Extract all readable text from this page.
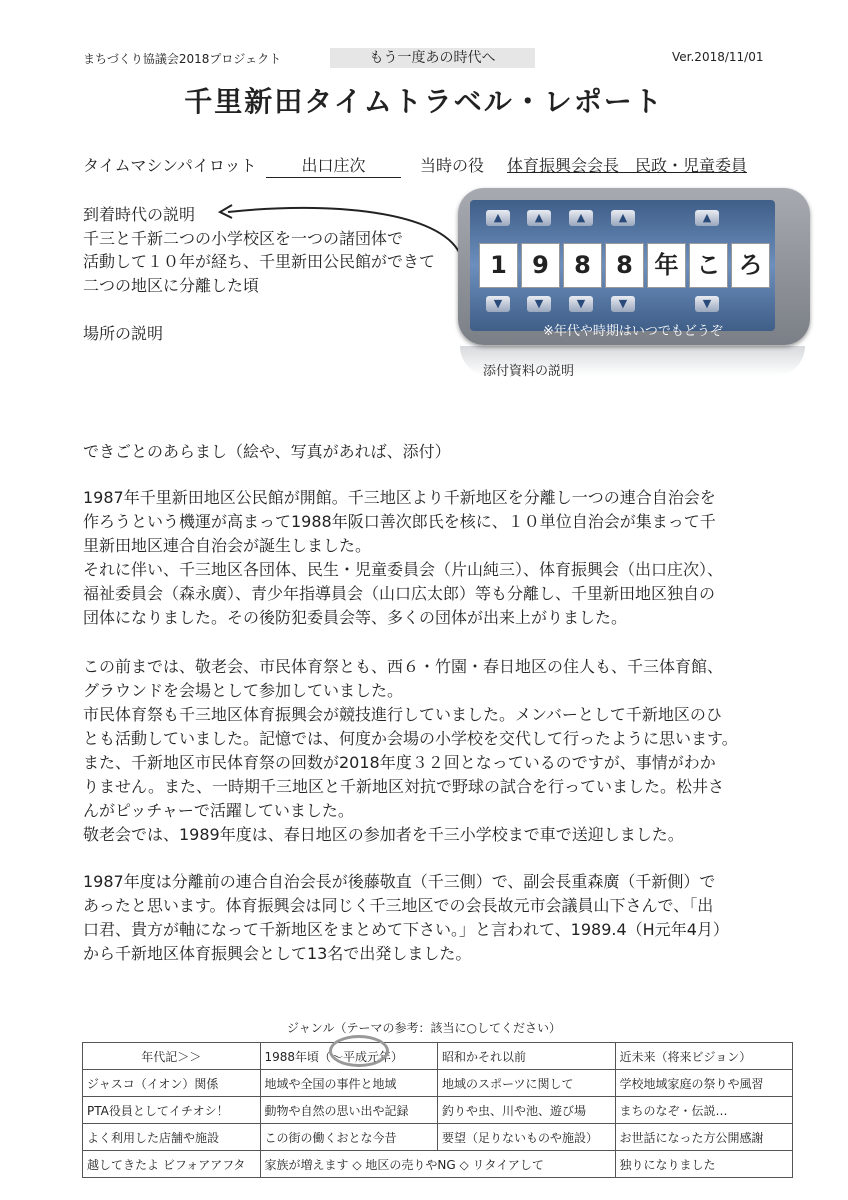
まちづくり協議会2018プロジェクト	もう一度あの時代へ	Ver.2018/11/01
千里新田タイムトラベル・レポート
タイムマシンパイロット	出口庄次	当時の役 体育振興会会長　民政・児童委員
到着時代の説明
千三と千新二つの小学校区を一つの諸団体で
活動して１０年が経ち、千里新田公民館ができて
二つの地区に分離した頃
場所の説明
▲	▲	▲	▲	▲
1	9	8	8 年 こ ろ
▼	▼	▼	▼	▼
※年代や時期はいつでもどうぞ
添付資料の説明
できごとのあらまし（絵や、写真があれば、添付）

1987年千里新田地区公民館が開館。千三地区より千新地区を分離し一つの連合自治会を

作ろうという機運が高まって1988年阪口善次郎氏を核に、１０単位自治会が集まって千

里新田地区連合自治会が誕生しました。

それに伴い、千三地区各団体、民生・児童委員会（片山純三）、体育振興会（出口庄次）、

福祉委員会（森永廣）、青少年指導員会（山口広太郎）等も分離し、千里新田地区独自の

団体になりました。その後防犯委員会等、多くの団体が出来上がりました。

この前までは、敬老会、市民体育祭とも、西６・竹園・春日地区の住人も、千三体育館、

グラウンドを会場として参加していました。

市民体育祭も千三地区体育振興会が競技進行していました。メンバーとして千新地区のひ

とも活動していました。記憶では、何度か会場の小学校を交代して行ったように思います。

また、千新地区市民体育祭の回数が2018年度３２回となっているのですが、事情がわか

りません。また、一時期千三地区と千新地区対抗で野球の試合を行っていました。松井さ

んがピッチャーで活躍していました。

敬老会では、1989年度は、春日地区の参加者を千三小学校まで車で送迎しました。

1987年度は分離前の連合自治会長が後藤敬直（千三側）で、副会長重森廣（千新側）で

あったと思います。体育振興会は同じく千三地区での会長故元市会議員山下さんで、「出

口君、貴方が軸になって千新地区をまとめて下さい。」と言われて、1989.4（H元年4月）

から千新地区体育振興会として13名で出発しました。

ジャンル（テーマの参考：該当に○してください）
年代記＞＞	1988年頃（～平成元年）	昭和かそれ以前	近未来（将来ビジョン）
ジャスコ（イオン）関係	地域や全国の事件と地域	地域のスポーツに関して	学校地域家庭の祭りや風習
PTA役員としてイチオシ！	動物や自然の思い出や記録	釣りや虫、川や池、遊び場	まちのなぞ・伝説…
よく利用した店舗や施設	この街の働くおとな今昔	要望（足りないものや施設）	お世話になった方公開感謝
越してきたよ ビフォアアフタ	家族が増えます ◇ 地区の売りやNG ◇ リタイアして		独りになりました
